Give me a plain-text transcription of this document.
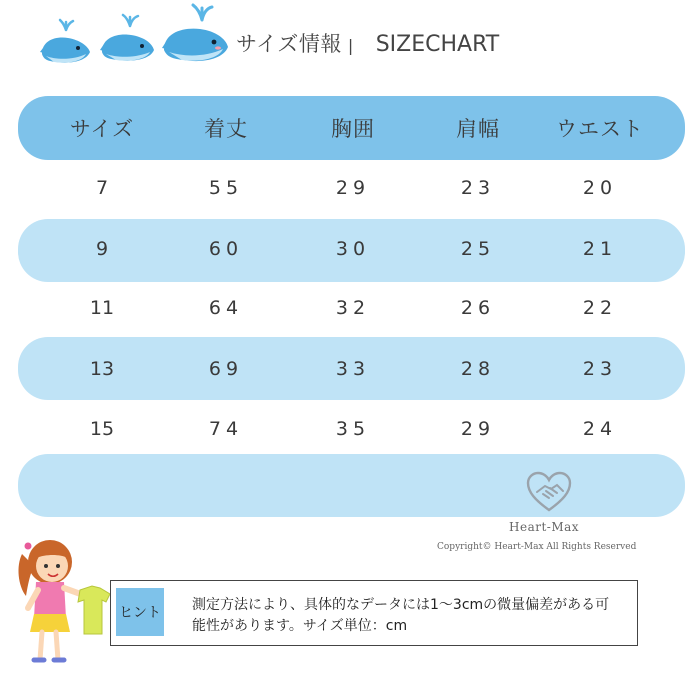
サイズ情報 | SIZECHART
サイズ	着丈	胸囲	肩幅	ウエスト
7	55	29	23	20
9	60	30	25	21
11	64	32	26	22
13	69	33	28	23
15	74	35	29	24
Heart-Max
Copyright© Heart-Max All Rights Reserved
ヒント 測定方法により、具体的なデータには1～3cmの微量偏差がある可能性があります。サイズ単位：cm
